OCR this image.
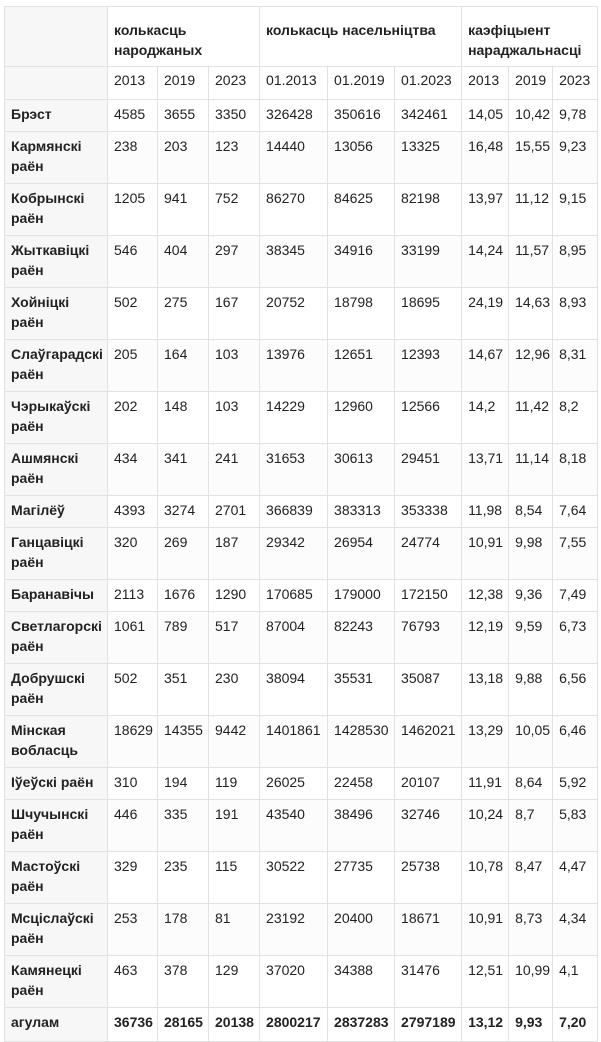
	колькасць народжаных			колькасць насельніцтва			каэфіцыент нараджальнасці		
	2013	2019	2023	01.2013	01.2019	01.2023	2013	2019	2023
Брэст	4585	3655	3350	326428	350616	342461	14,05	10,42	9,78
Кармянскі раён	238	203	123	14440	13056	13325	16,48	15,55	9,23
Кобрынскі раён	1205	941	752	86270	84625	82198	13,97	11,12	9,15
Жыткавіцкі раён	546	404	297	38345	34916	33199	14,24	11,57	8,95
Хойніцкі раён	502	275	167	20752	18798	18695	24,19	14,63	8,93
Слаўгарадскі раён	205	164	103	13976	12651	12393	14,67	12,96	8,31
Чэрыкаўскі раён	202	148	103	14229	12960	12566	14,2	11,42	8,2
Ашмянскі раён	434	341	241	31653	30613	29451	13,71	11,14	8,18
Магілёў	4393	3274	2701	366839	383313	353338	11,98	8,54	7,64
Ганцавіцкі раён	320	269	187	29342	26954	24774	10,91	9,98	7,55
Баранавічы	2113	1676	1290	170685	179000	172150	12,38	9,36	7,49
Светлагорскі раён	1061	789	517	87004	82243	76793	12,19	9,59	6,73
Добрушскі раён	502	351	230	38094	35531	35087	13,18	9,88	6,56
Мінская вобласць	18629	14355	9442	1401861	1428530	1462021	13,29	10,05	6,46
Іўеўскі раён	310	194	119	26025	22458	20107	11,91	8,64	5,92
Шчучынскі раён	446	335	191	43540	38496	32746	10,24	8,7	5,83
Мастоўскі раён	329	235	115	30522	27735	25738	10,78	8,47	4,47
Мсціслаўскі раён	253	178	81	23192	20400	18671	10,91	8,73	4,34
Камянецкі раён	463	378	129	37020	34388	31476	12,51	10,99	4,1
агулам	36736	28165	20138	2800217	2837283	2797189	13,12	9,93	7,20
